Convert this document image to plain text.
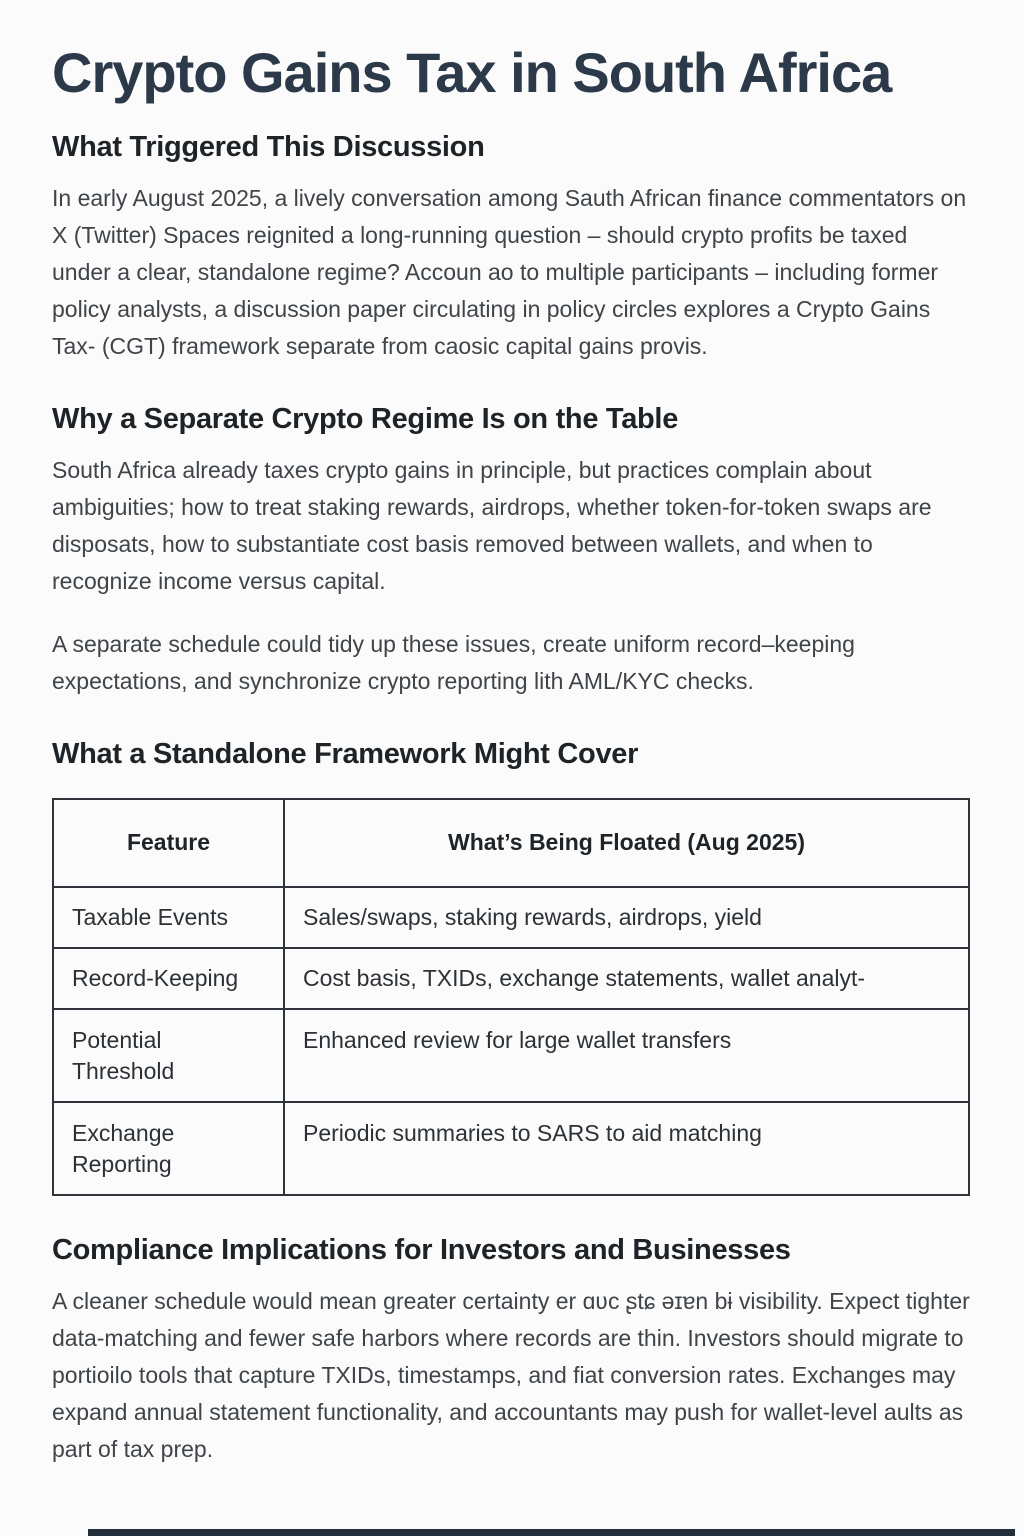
Crypto Gains Tax in South Africa
What Triggered This Discussion

In early August 2025, a lively conversation among Sauth African finance commentators on X (Twitter) Spaces reignited a long-running question – should crypto profits be taxed under a clear, standalone regime? Accoun ao to multiple participants – including former policy analysts, a discussion paper circulating in policy circles explores a Crypto Gains Tax- (CGT) framework separate from caosic capital gains provis.

Why a Separate Crypto Regime Is on the Table

South Africa already taxes crypto gains in principle, but practices complain about ambiguities; how to treat staking rewards, airdrops, whether token-for-token swaps are disposats, how to substantiate cost basis removed between wallets, and when to recognize income versus capital.

A separate schedule could tidy up these issues, create uniform record–keeping expectations, and synchronize crypto reporting lith AML/KYC checks.

What a Standalone Framework Might Cover
Feature	What’s Being Floated (Aug 2025)
Taxable Events	Sales/swaps, staking rewards, airdrops, yield
Record-Keeping	Cost basis, TXIDs, exchange statements, wallet analyt-
Potential Threshold	Enhanced review for large wallet transfers
Exchange Reporting	Periodic summaries to SARS to aid matching
Compliance Implications for Investors and Businesses

A cleaner schedule would mean greater certainty er ɑʋc ʂtɕ əɪɐn bɨ visibility. Expect tighter data-matching and fewer safe harbors where records are thin. Investors should migrate to portioilo tools that capture TXIDs, timestamps, and fiat conversion rates. Exchanges may expand annual statement functionality, and accountants may push for wallet-level aults as part of tax prep.
